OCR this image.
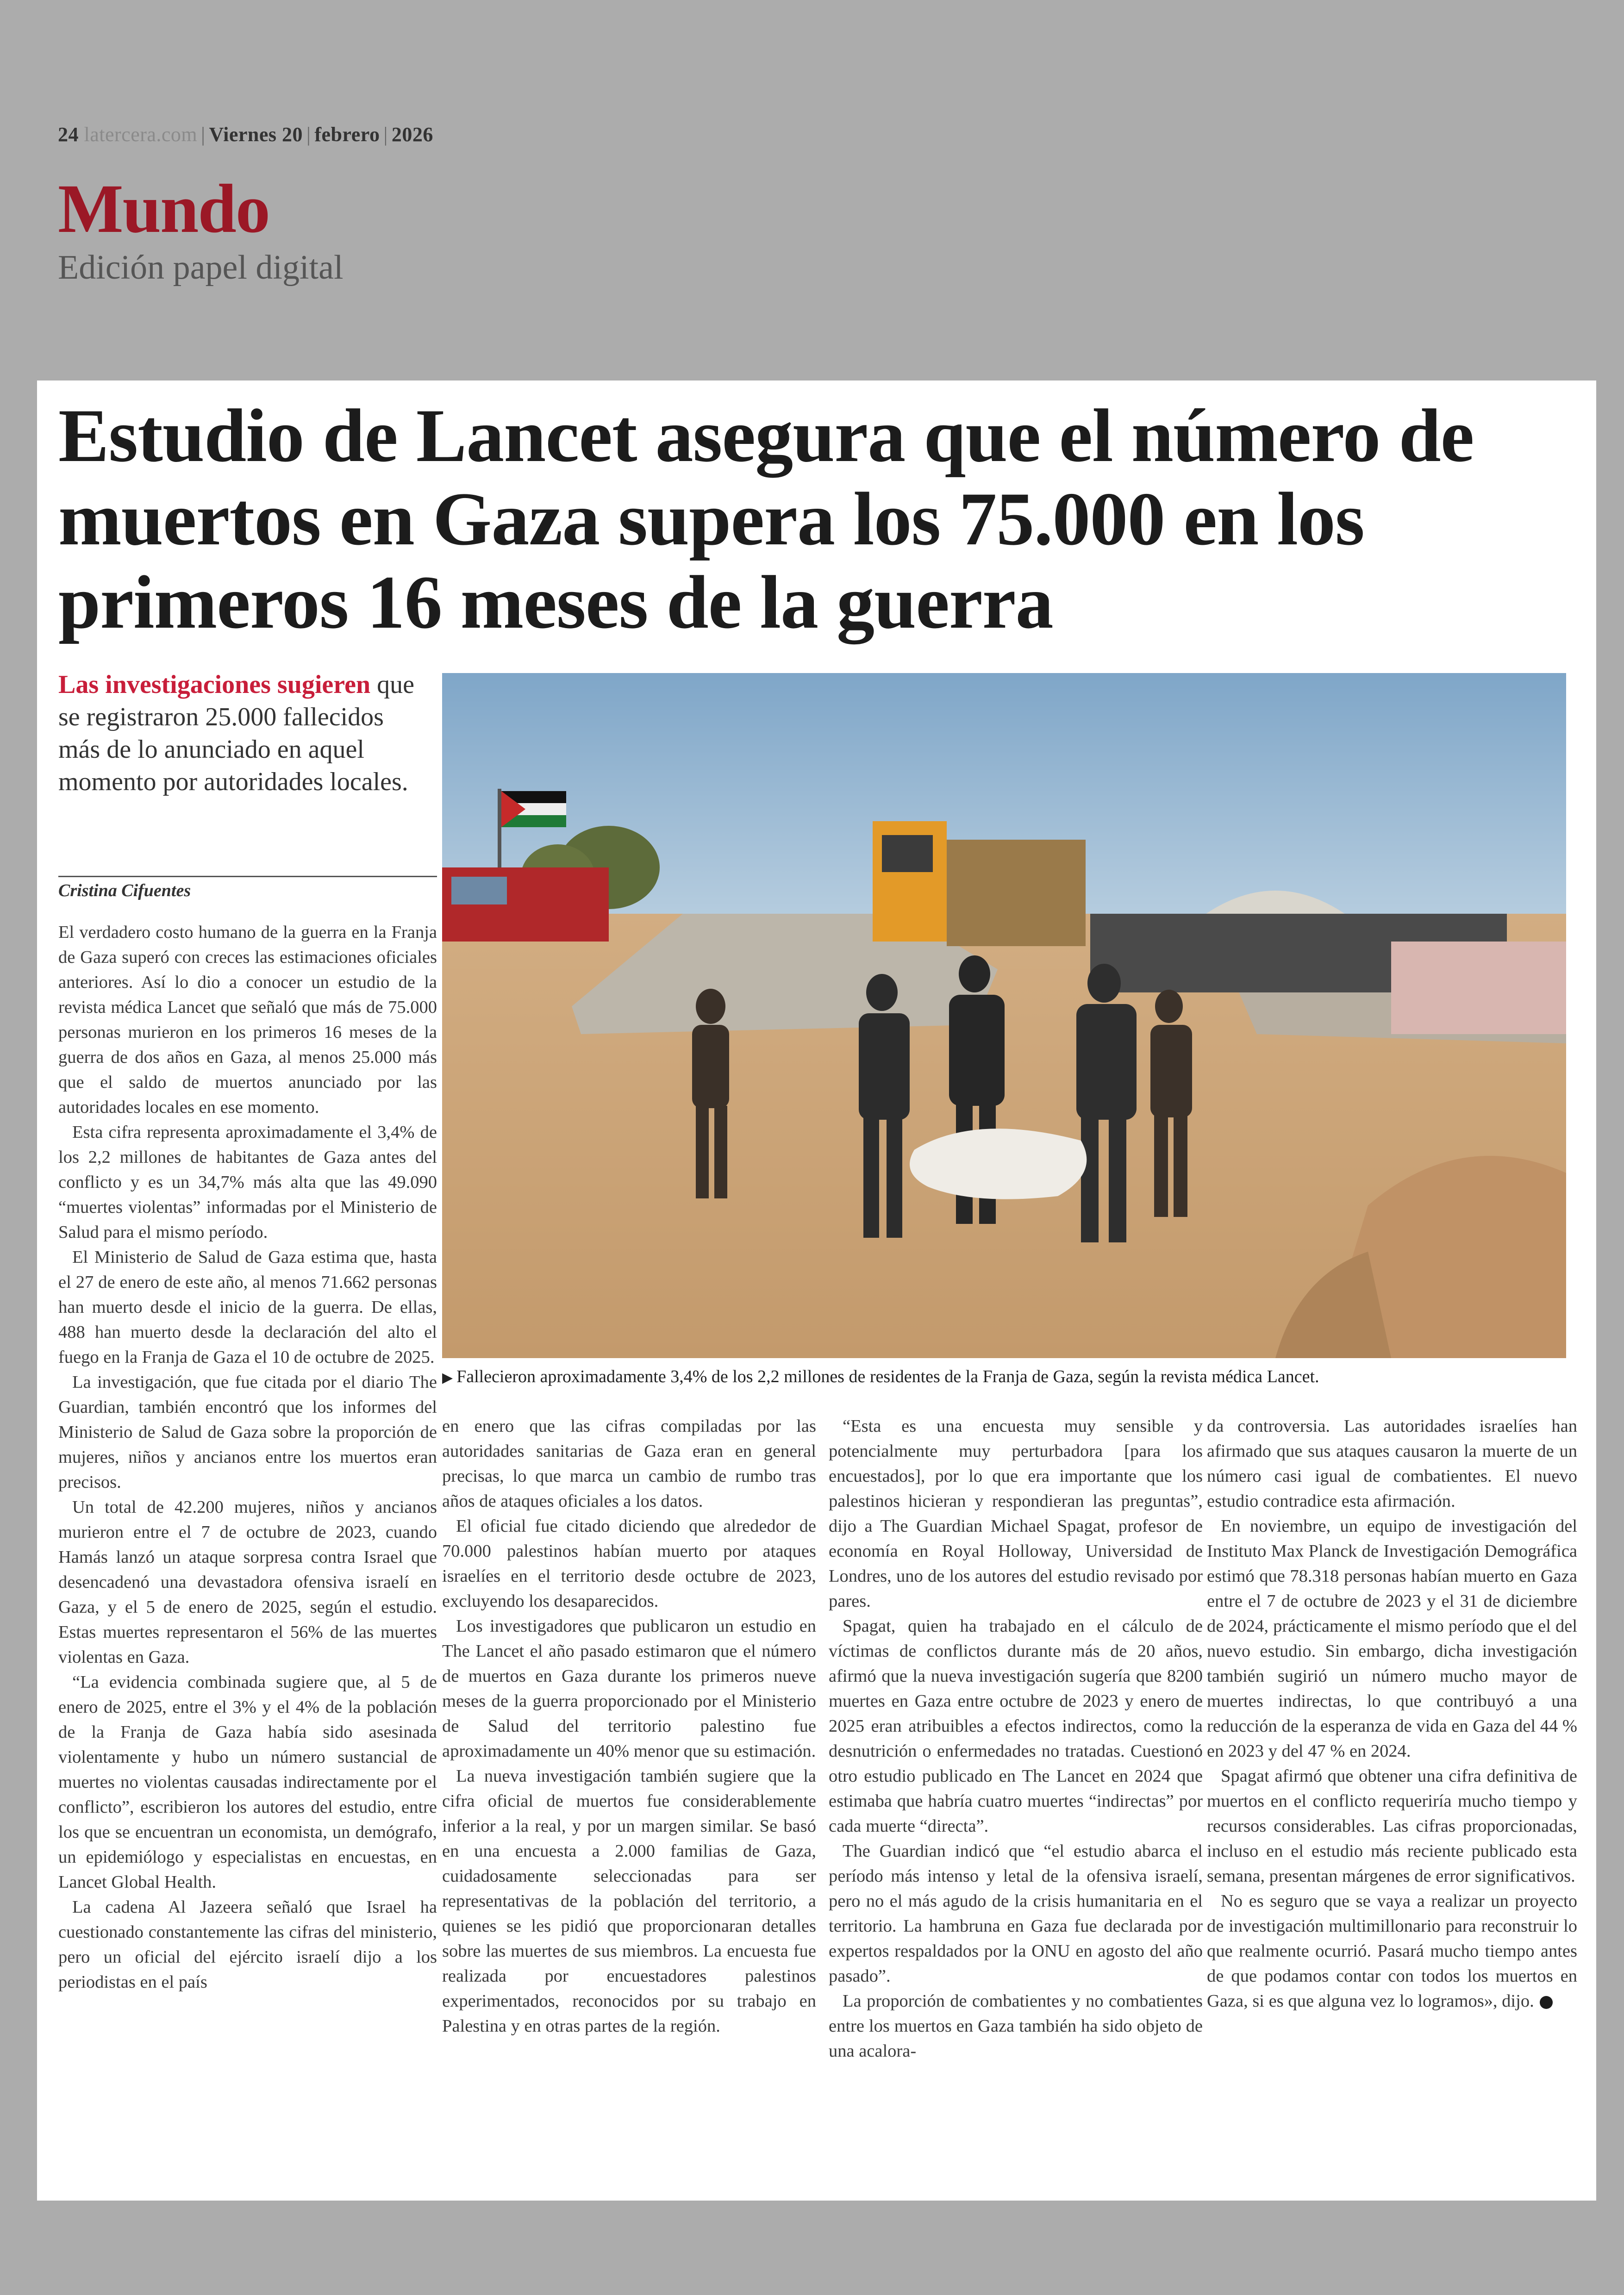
24 latercera.com | Viernes 20 | febrero | 2026
Mundo
Edición papel digital
Estudio de Lancet asegura que el número de muertos en Gaza supera los 75.000 en los primeros 16 meses de la guerra
Las investigaciones sugieren que se registraron 25.000 fallecidos más de lo anunciado en aquel momento por autoridades locales.
Cristina Cifuentes

El verdadero costo humano de la guerra en la Franja de Gaza superó con creces las estimaciones oficiales anteriores. Así lo dio a conocer un estudio de la revista médica Lancet que señaló que más de 75.000 personas murieron en los primeros 16 meses de la guerra de dos años en Gaza, al menos 25.000 más que el saldo de muertos anunciado por las autoridades locales en ese momento.

Esta cifra representa aproximadamente el 3,4% de los 2,2 millones de habitantes de Gaza antes del conflicto y es un 34,7% más alta que las 49.090 “muertes violentas” informadas por el Ministerio de Salud para el mismo período.

El Ministerio de Salud de Gaza estima que, hasta el 27 de enero de este año, al menos 71.662 personas han muerto desde el inicio de la guerra. De ellas, 488 han muerto desde la declaración del alto el fuego en la Franja de Gaza el 10 de octubre de 2025.

La investigación, que fue citada por el diario The Guardian, también encontró que los informes del Ministerio de Salud de Gaza sobre la proporción de mujeres, niños y ancianos entre los muertos eran precisos.

Un total de 42.200 mujeres, niños y ancianos murieron entre el 7 de octubre de 2023, cuando Hamás lanzó un ataque sorpresa contra Israel que desencadenó una devastadora ofensiva israelí en Gaza, y el 5 de enero de 2025, según el estudio. Estas muertes representaron el 56% de las muertes violentas en Gaza.

“La evidencia combinada sugiere que, al 5 de enero de 2025, entre el 3% y el 4% de la población de la Franja de Gaza había sido asesinada violentamente y hubo un número sustancial de muertes no violentas causadas indirectamente por el conflicto”, escribieron los autores del estudio, entre los que se encuentran un economista, un demógrafo, un epidemiólogo y especialistas en encuestas, en Lancet Global Health.

La cadena Al Jazeera señaló que Israel ha cuestionado constantemente las cifras del ministerio, pero un oficial del ejército israelí dijo a los periodistas en el país

▶ Fallecieron aproximadamente 3,4% de los 2,2 millones de residentes de la Franja de Gaza, según la revista médica Lancet.

en enero que las cifras compiladas por las autoridades sanitarias de Gaza eran en general precisas, lo que marca un cambio de rumbo tras años de ataques oficiales a los datos.

El oficial fue citado diciendo que alrededor de 70.000 palestinos habían muerto por ataques israelíes en el territorio desde octubre de 2023, excluyendo los desaparecidos.

Los investigadores que publicaron un estudio en The Lancet el año pasado estimaron que el número de muertos en Gaza durante los primeros nueve meses de la guerra proporcionado por el Ministerio de Salud del territorio palestino fue aproximadamente un 40% menor que su estimación.

La nueva investigación también sugiere que la cifra oficial de muertos fue considerablemente inferior a la real, y por un margen similar. Se basó en una encuesta a 2.000 familias de Gaza, cuidadosamente seleccionadas para ser representativas de la población del territorio, a quienes se les pidió que proporcionaran detalles sobre las muertes de sus miembros. La encuesta fue realizada por encuestadores palestinos experimentados, reconocidos por su trabajo en Palestina y en otras partes de la región.

“Esta es una encuesta muy sensible y potencialmente muy perturbadora [para los encuestados], por lo que era importante que los palestinos hicieran y respondieran las preguntas”, dijo a The Guardian Michael Spagat, profesor de economía en Royal Holloway, Universidad de Londres, uno de los autores del estudio revisado por pares.

Spagat, quien ha trabajado en el cálculo de víctimas de conflictos durante más de 20 años, afirmó que la nueva investigación sugería que 8200 muertes en Gaza entre octubre de 2023 y enero de 2025 eran atribuibles a efectos indirectos, como la desnutrición o enfermedades no tratadas. Cuestionó otro estudio publicado en The Lancet en 2024 que estimaba que habría cuatro muertes “indirectas” por cada muerte “directa”.

The Guardian indicó que “el estudio abarca el período más intenso y letal de la ofensiva israelí, pero no el más agudo de la crisis humanitaria en el territorio. La hambruna en Gaza fue declarada por expertos respaldados por la ONU en agosto del año pasado”.

La proporción de combatientes y no combatientes entre los muertos en Gaza también ha sido objeto de una acalora-

da controversia. Las autoridades israelíes han afirmado que sus ataques causaron la muerte de un número casi igual de combatientes. El nuevo estudio contradice esta afirmación.

En noviembre, un equipo de investigación del Instituto Max Planck de Investigación Demográfica estimó que 78.318 personas habían muerto en Gaza entre el 7 de octubre de 2023 y el 31 de diciembre de 2024, prácticamente el mismo período que el del nuevo estudio. Sin embargo, dicha investigación también sugirió un número mucho mayor de muertes indirectas, lo que contribuyó a una reducción de la esperanza de vida en Gaza del 44 % en 2023 y del 47 % en 2024.

Spagat afirmó que obtener una cifra definitiva de muertos en el conflicto requeriría mucho tiempo y recursos considerables. Las cifras proporcionadas, incluso en el estudio más reciente publicado esta semana, presentan márgenes de error significativos.

No es seguro que se vaya a realizar un proyecto de investigación multimillonario para reconstruir lo que realmente ocurrió. Pasará mucho tiempo antes de que podamos contar con todos los muertos en Gaza, si es que alguna vez lo logramos», dijo.
